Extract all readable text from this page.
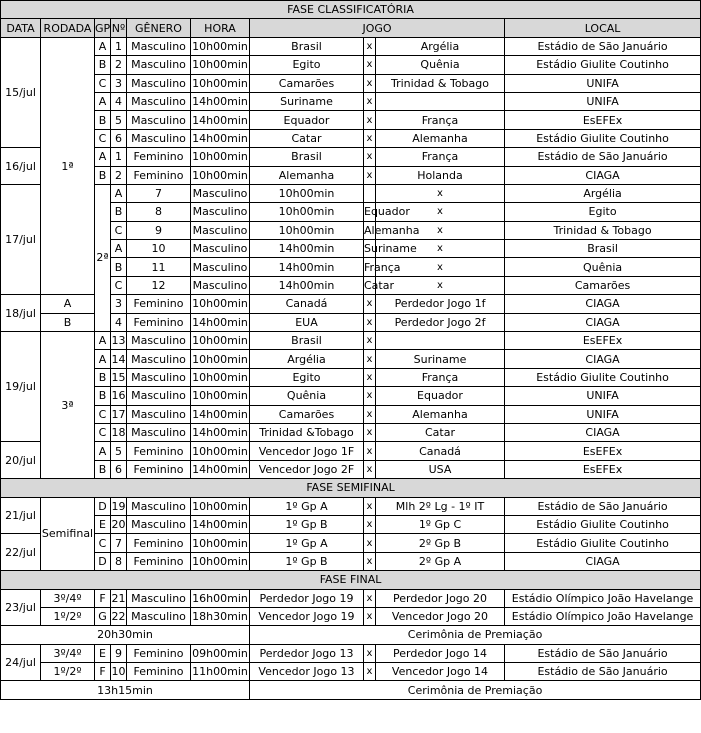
FASE CLASSIFICATÓRIA										
DATA	RODADA	GP	Nº	GÊNERO	HORA	JOGO			LOCAL	
15/jul	1ª	A	1	Masculino	10h00min	Brasil	x	Argélia	Estádio de São Januário	
		B	2	Masculino	10h00min	Egito	x	Quênia	Estádio Giulite Coutinho	
		C	3	Masculino	10h00min	Camarões	x	Trinidad & Tobago	UNIFA	
		A	4	Masculino	14h00min	Suriname	x		UNIFA	
		B	5	Masculino	14h00min	Equador	x	França	EsEFEx	
		C	6	Masculino	14h00min	Catar	x	Alemanha	Estádio Giulite Coutinho	
16/jul		A	1	Feminino	10h00min	Brasil	x	França	Estádio de São Januário	
		B	2	Feminino	10h00min	Alemanha	x	Holanda	CIAGA	
17/jul		2ª	A	7	Masculino	10h00min		x	Argélia	
			B	8	Masculino	10h00min	Equador	x	Egito	
			C	9	Masculino	10h00min	Alemanha	x	Trinidad & Tobago	
			A	10	Masculino	14h00min	Suriname	x	Brasil	
			B	11	Masculino	14h00min	França	x	Quênia	
			C	12	Masculino	14h00min	Catar	x	Camarões	
18/jul	A		3	Feminino	10h00min	Canadá	x	Perdedor Jogo 1f	CIAGA	
	B		4	Feminino	14h00min	EUA	x	Perdedor Jogo 2f	CIAGA	
19/jul	3ª	A	13	Masculino	10h00min	Brasil	x		EsEFEx	
		A	14	Masculino	10h00min	Argélia	x	Suriname	CIAGA	
		B	15	Masculino	10h00min	Egito	x	França	Estádio Giulite Coutinho	
		B	16	Masculino	10h00min	Quênia	x	Equador	UNIFA	
		C	17	Masculino	14h00min	Camarões	x	Alemanha	UNIFA	
		C	18	Masculino	14h00min	Trinidad &Tobago	x	Catar	CIAGA	
20/jul		A	5	Feminino	10h00min	Vencedor Jogo 1F	x	Canadá	EsEFEx	
		B	6	Feminino	14h00min	Vencedor Jogo 2F	x	USA	EsEFEx	
FASE SEMIFINAL										
21/jul	Semifinal	D	19	Masculino	10h00min	1º Gp A	x	Mlh 2º Lg - 1º IT	Estádio de São Januário	
		E	20	Masculino	14h00min	1º Gp B	x	1º Gp C	Estádio Giulite Coutinho	
22/jul		C	7	Feminino	10h00min	1º Gp A	x	2º Gp B	Estádio Giulite Coutinho	
		D	8	Feminino	10h00min	1º Gp B	x	2º Gp A	CIAGA	
FASE FINAL										
23/jul	3º/4º	F	21	Masculino	16h00min	Perdedor Jogo 19	x	Perdedor Jogo 20	Estádio Olímpico João Havelange	
	1º/2º	G	22	Masculino	18h30min	Vencedor Jogo 19	x	Vencedor Jogo 20	Estádio Olímpico João Havelange	
20h30min						Cerimônia de Premiação				
24/jul	3º/4º	E	9	Feminino	09h00min	Perdedor Jogo 13	x	Perdedor Jogo 14	Estádio de São Januário	
	1º/2º	F	10	Feminino	11h00min	Vencedor Jogo 13	x	Vencedor Jogo 14	Estádio de São Januário	
13h15min						Cerimônia de Premiação				
